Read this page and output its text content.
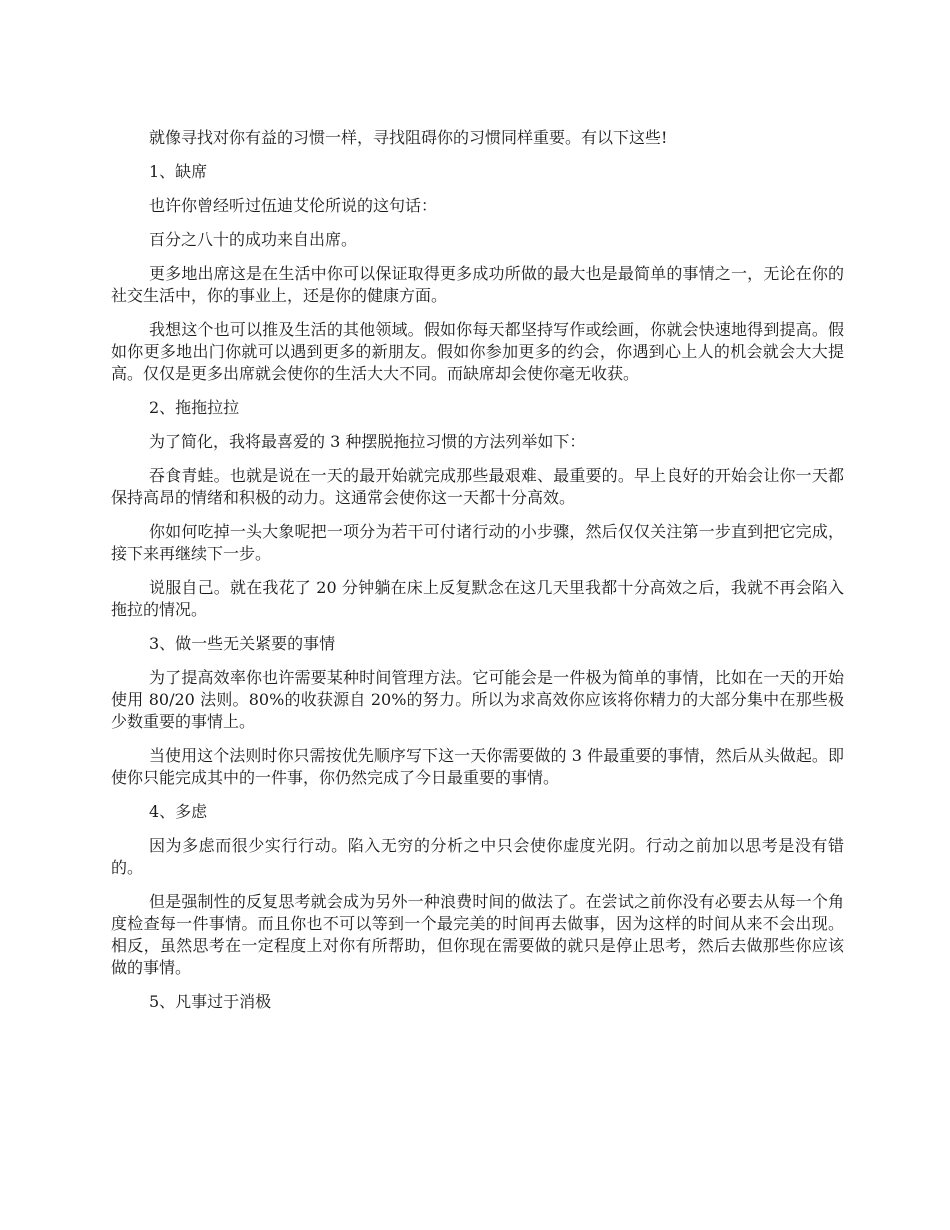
就像寻找对你有益的习惯一样，寻找阻碍你的习惯同样重要。有以下这些!

1、缺席

也许你曾经听过伍迪艾伦所说的这句话：

百分之八十的成功来自出席。

更多地出席这是在生活中你可以保证取得更多成功所做的最大也是最简单的事情之一，无论在你的社交生活中，你的事业上，还是你的健康方面。

我想这个也可以推及生活的其他领域。假如你每天都坚持写作或绘画，你就会快速地得到提高。假如你更多地出门你就可以遇到更多的新朋友。假如你参加更多的约会，你遇到心上人的机会就会大大提高。仅仅是更多出席就会使你的生活大大不同。而缺席却会使你毫无收获。

2、拖拖拉拉

为了简化，我将最喜爱的 3 种摆脱拖拉习惯的方法列举如下：

吞食青蛙。也就是说在一天的最开始就完成那些最艰难、最重要的。早上良好的开始会让你一天都保持高昂的情绪和积极的动力。这通常会使你这一天都十分高效。

你如何吃掉一头大象呢把一项分为若干可付诸行动的小步骤，然后仅仅关注第一步直到把它完成，接下来再继续下一步。

说服自己。就在我花了 20 分钟躺在床上反复默念在这几天里我都十分高效之后，我就不再会陷入拖拉的情况。

3、做一些无关紧要的事情

为了提高效率你也许需要某种时间管理方法。它可能会是一件极为简单的事情，比如在一天的开始使用 80/20 法则。80%的收获源自 20%的努力。所以为求高效你应该将你精力的大部分集中在那些极少数重要的事情上。

当使用这个法则时你只需按优先顺序写下这一天你需要做的 3 件最重要的事情，然后从头做起。即使你只能完成其中的一件事，你仍然完成了今日最重要的事情。

4、多虑

因为多虑而很少实行行动。陷入无穷的分析之中只会使你虚度光阴。行动之前加以思考是没有错的。

但是强制性的反复思考就会成为另外一种浪费时间的做法了。在尝试之前你没有必要去从每一个角度检查每一件事情。而且你也不可以等到一个最完美的时间再去做事，因为这样的时间从来不会出现。相反，虽然思考在一定程度上对你有所帮助，但你现在需要做的就只是停止思考，然后去做那些你应该做的事情。

5、凡事过于消极
